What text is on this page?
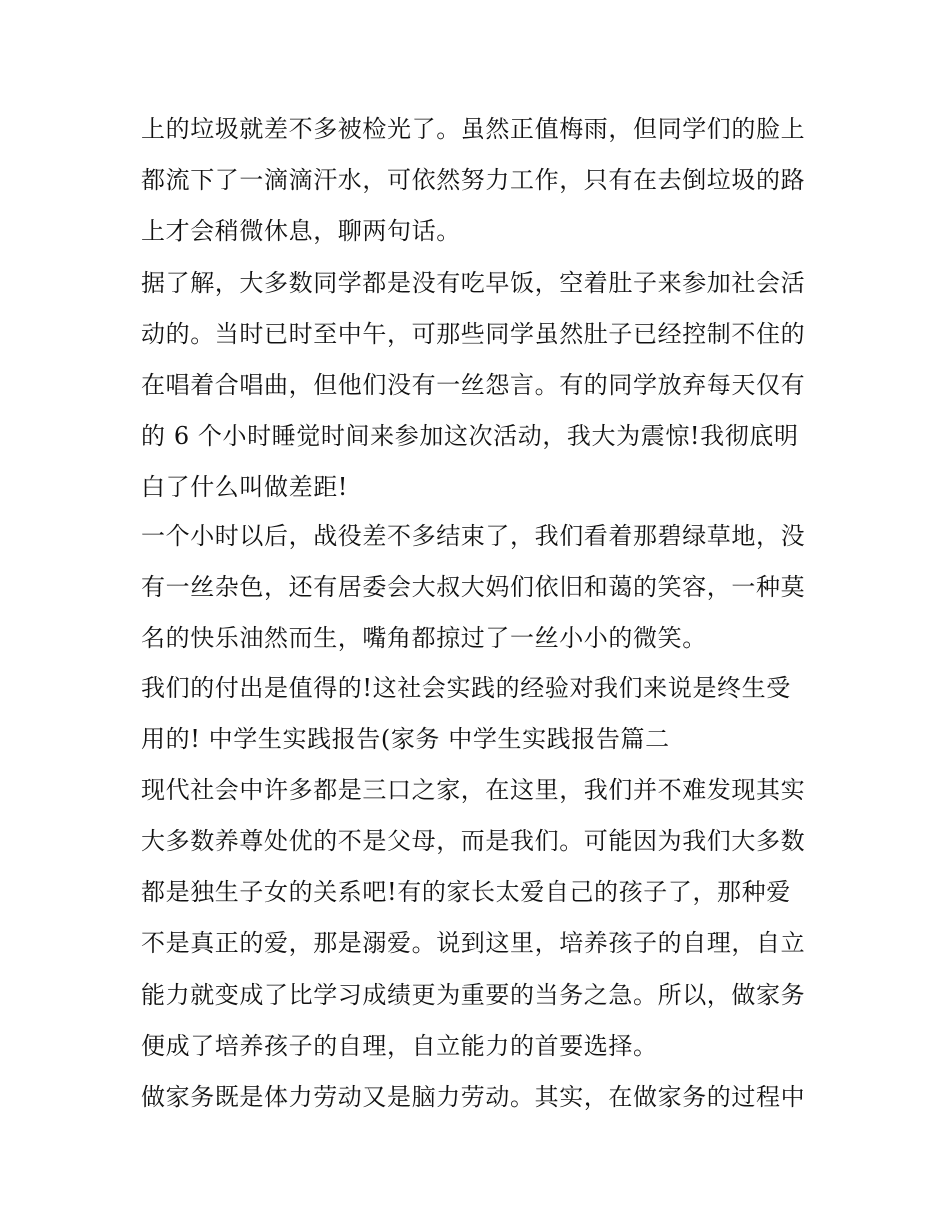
上的垃圾就差不多被检光了。虽然正值梅雨，但同学们的脸上
都流下了一滴滴汗水，可依然努力工作，只有在去倒垃圾的路
上才会稍微休息，聊两句话。
据了解，大多数同学都是没有吃早饭，空着肚子来参加社会活
动的。当时已时至中午，可那些同学虽然肚子已经控制不住的
在唱着合唱曲，但他们没有一丝怨言。有的同学放弃每天仅有
的 6 个小时睡觉时间来参加这次活动，我大为震惊!我彻底明
白了什么叫做差距!
一个小时以后，战役差不多结束了，我们看着那碧绿草地，没
有一丝杂色，还有居委会大叔大妈们依旧和蔼的笑容，一种莫
名的快乐油然而生，嘴角都掠过了一丝小小的微笑。
我们的付出是值得的!这社会实践的经验对我们来说是终生受
用的! 中学生实践报告(家务 中学生实践报告篇二
现代社会中许多都是三口之家，在这里，我们并不难发现其实
大多数养尊处优的不是父母，而是我们。可能因为我们大多数
都是独生子女的关系吧!有的家长太爱自己的孩子了，那种爱
不是真正的爱，那是溺爱。说到这里，培养孩子的自理，自立
能力就变成了比学习成绩更为重要的当务之急。所以，做家务
便成了培养孩子的自理，自立能力的首要选择。
做家务既是体力劳动又是脑力劳动。其实，在做家务的过程中
